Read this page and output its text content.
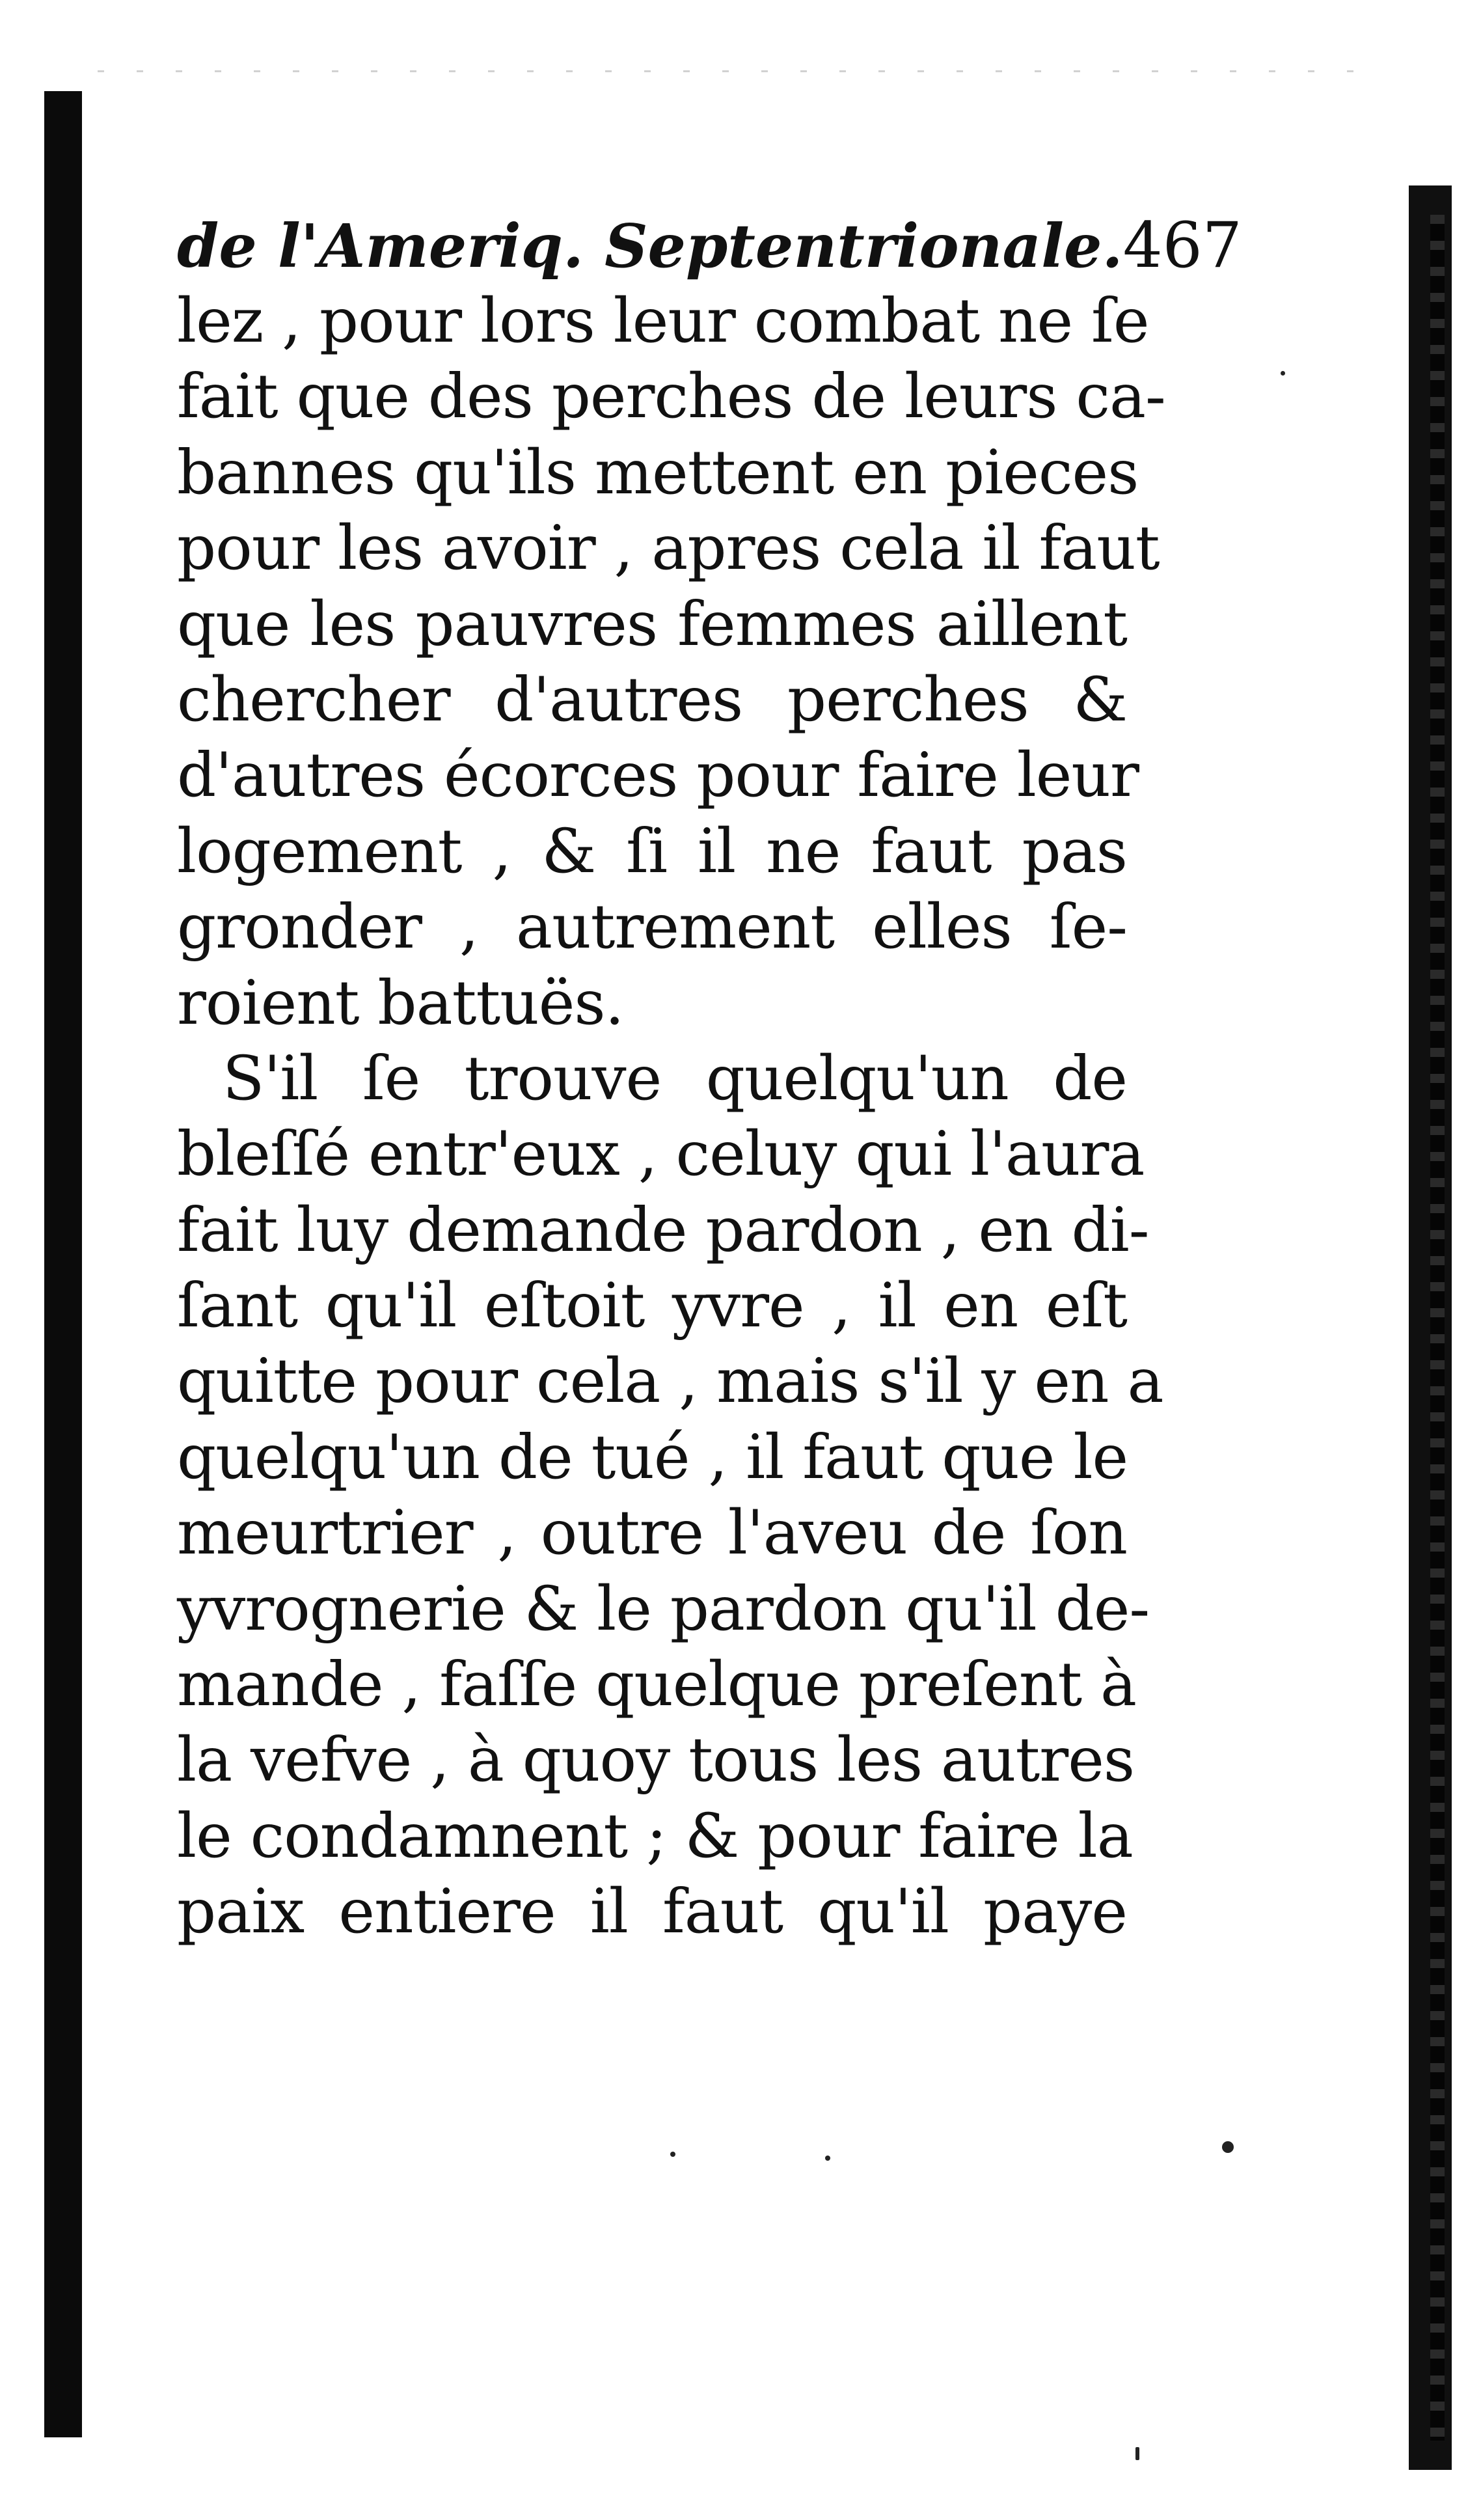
de l'Ameriq. Septentrionale. 467
lez , pour lors leur combat ne ſe
fait que des perches de leurs ca-
bannes qu'ils mettent en pieces
pour les avoir , apres cela il faut
que les pauvres femmes aillent
chercher d'autres perches &
d'autres écorces pour faire leur
logement , & ſi il ne faut pas
gronder , autrement elles ſe-
roient battuës.
S'il ſe trouve quelqu'un de
bleſſé entr'eux , celuy qui l'aura
fait luy demande pardon , en di-
ſant qu'il eſtoit yvre , il en eſt
quitte pour cela , mais s'il y en a
quelqu'un de tué , il faut que le
meurtrier , outre l'aveu de ſon
yvrognerie & le pardon qu'il de-
mande , faſſe quelque preſent à
la vefve , à quoy tous les autres
le condamnent ; & pour faire la
paix entiere il faut qu'il paye
